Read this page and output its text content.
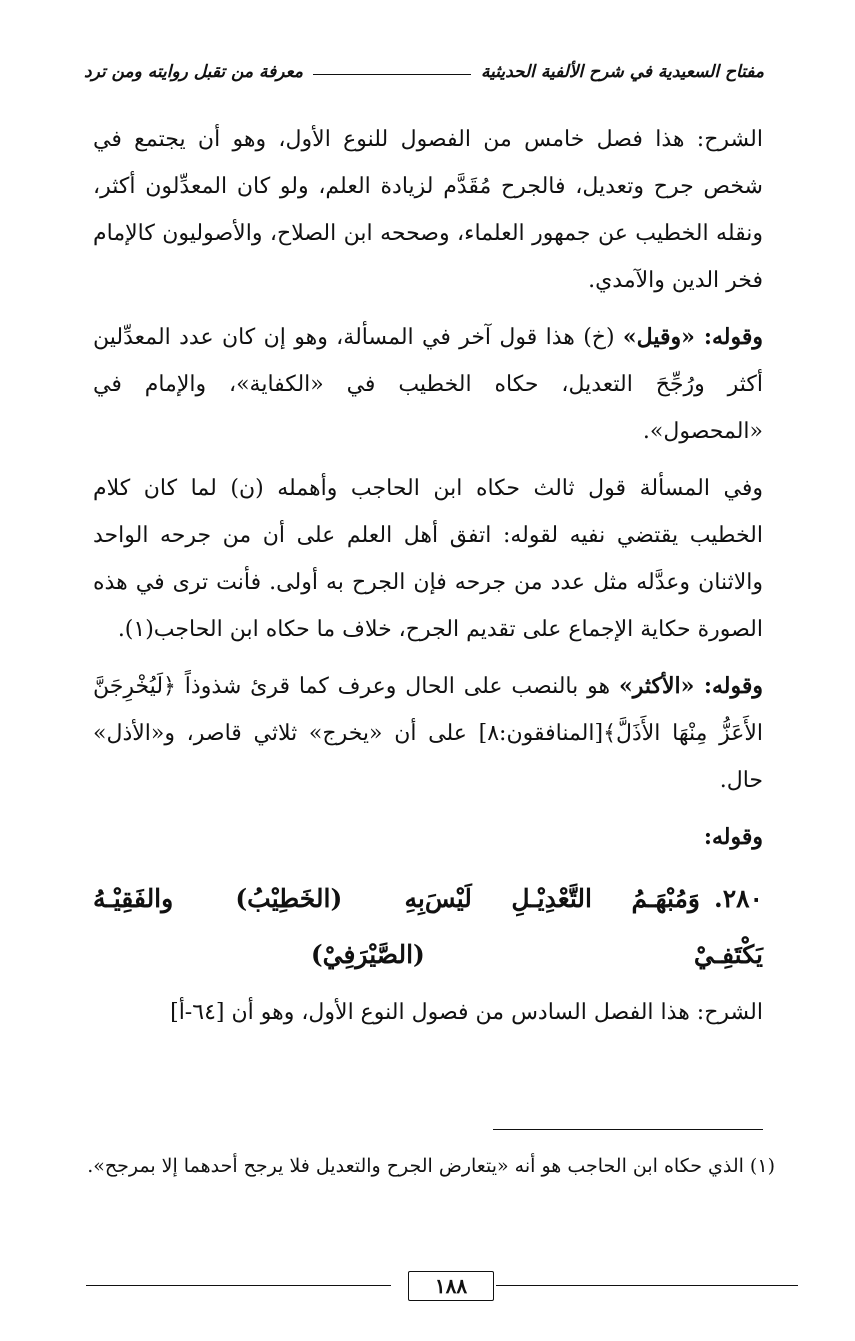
مفتاح السعيدية في شرح الألفية الحديثية
معرفة من تقبل روايته ومن ترد

الشرح: هذا فصل خامس من الفصول للنوع الأول، وهو أن يجتمع في شخص جرح وتعديل، فالجرح مُقَدَّم لزيادة العلم، ولو كان المعدِّلون أكثر، ونقله الخطيب عن جمهور العلماء، وصححه ابن الصلاح، والأصوليون كالإمام فخر الدين والآمدي.

وقوله: «وقيل» (خ) هذا قول آخر في المسألة، وهو إن كان عدد المعدِّلين أكثر ورُجِّحَ التعديل، حكاه الخطيب في «الكفاية»، والإمام في «المحصول».

وفي المسألة قول ثالث حكاه ابن الحاجب وأهمله (ن) لما كان كلام الخطيب يقتضي نفيه لقوله: اتفق أهل العلم على أن من جرحه الواحد والاثنان وعدَّله مثل عدد من جرحه فإن الجرح به أولى. فأنت ترى في هذه الصورة حكاية الإجماع على تقديم الجرح، خلاف ما حكاه ابن الحاجب(١).

وقوله: «الأكثر» هو بالنصب على الحال وعرف كما قرئ شذوذاً ﴿لَيُخْرِجَنَّ الأَعَزُّ مِنْهَا الأَذَلَّ﴾[المنافقون:٨] على أن «يخرج» ثلاثي قاصر، و«الأذل» حال.

وقوله:

٢٨٠.وَمُبْهَـمُ التَّعْدِيْـلِ لَيْسَ يَكْتَفِـيْ
بِهِ (الخَطِيْبُ) والفَقِيْـهُ (الصَّيْرَفِيْ)

الشرح: هذا الفصل السادس من فصول النوع الأول، وهو أن [٦٤-أ]

(١) الذي حكاه ابن الحاجب هو أنه «يتعارض الجرح والتعديل فلا يرجح أحدهما إلا بمرجح».
١٨٨
